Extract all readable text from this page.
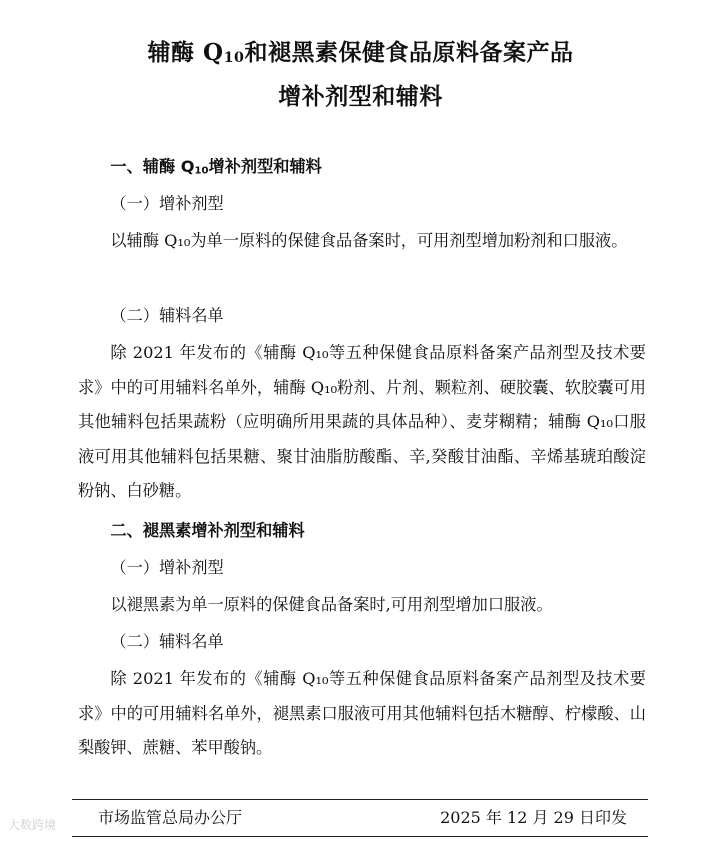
辅酶 Q10和褪黑素保健食品原料备案产品
增补剂型和辅料

一、辅酶 Q10增补剂型和辅料

（一）增补剂型

以辅酶 Q₁₀为单一原料的保健食品备案时，可用剂型增加粉剂和口服液。

（二）辅料名单

除 2021 年发布的《辅酶 Q₁₀等五种保健食品原料备案产品剂型及技术要求》中的可用辅料名单外，辅酶 Q₁₀粉剂、片剂、颗粒剂、硬胶囊、软胶囊可用其他辅料包括果蔬粉（应明确所用果蔬的具体品种）、麦芽糊精；辅酶 Q₁₀口服液可用其他辅料包括果糖、聚甘油脂肪酸酯、辛,癸酸甘油酯、辛烯基琥珀酸淀粉钠、白砂糖。

二、褪黑素增补剂型和辅料

（一）增补剂型

以褪黑素为单一原料的保健食品备案时,可用剂型增加口服液。

（二）辅料名单

除 2021 年发布的《辅酶 Q₁₀等五种保健食品原料备案产品剂型及技术要求》中的可用辅料名单外，褪黑素口服液可用其他辅料包括木糖醇、柠檬酸、山梨酸钾、蔗糖、苯甲酸钠。

市场监管总局办公厅	2025 年 12 月 29 日印发
大数跨境
